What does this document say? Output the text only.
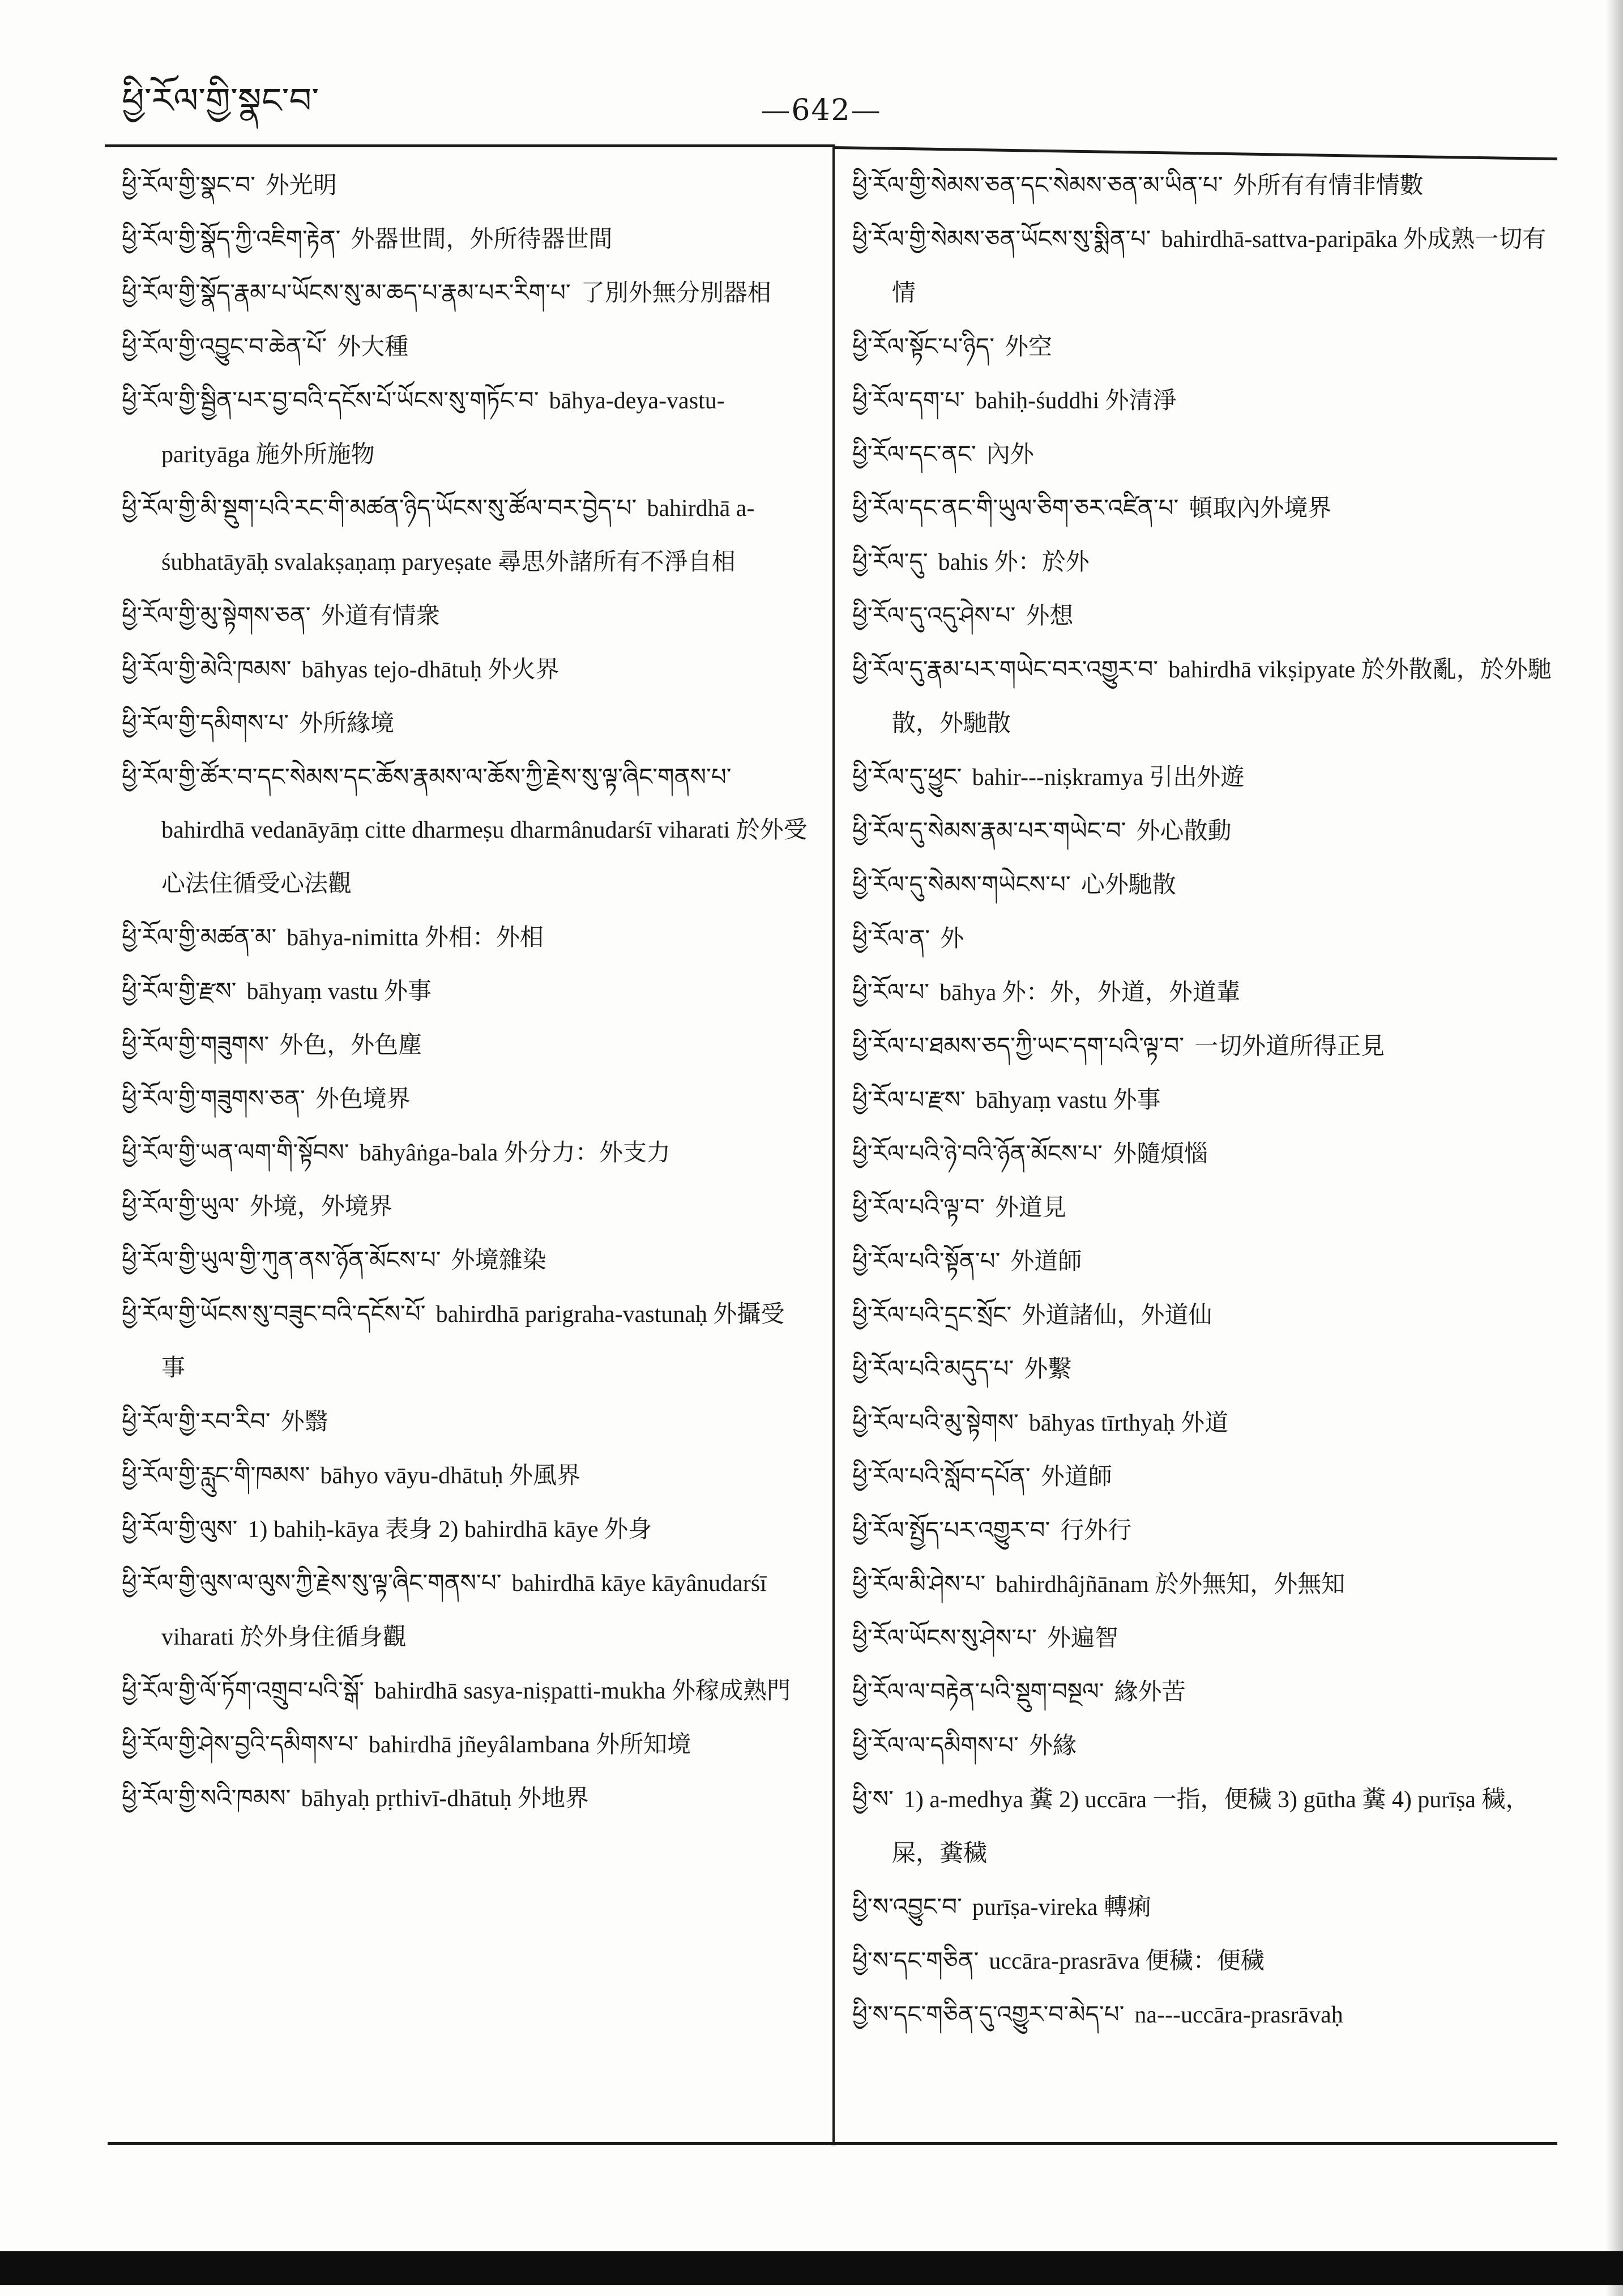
ཕྱི་རོལ་གྱི་སྣང་བ་	—642—

ཕྱི་རོལ་གྱི་སྣང་བ་ 外光明

ཕྱི་རོལ་གྱི་སྣོད་ཀྱི་འཇིག་རྟེན་ 外器世間，外所待器世間

ཕྱི་རོལ་གྱི་སྣོད་རྣམ་པ་ཡོངས་སུ་མ་ཆད་པ་རྣམ་པར་རིག་པ་ 了別外無分別器相

ཕྱི་རོལ་གྱི་འབྱུང་བ་ཆེན་པོ་ 外大種

ཕྱི་རོལ་གྱི་སྦྱིན་པར་བྱ་བའི་དངོས་པོ་ཡོངས་སུ་གཏོང་བ་ bāhya-deya-vastu-parityāga 施外所施物

ཕྱི་རོལ་གྱི་མི་སྡུག་པའི་རང་གི་མཚན་ཉིད་ཡོངས་སུ་ཚོལ་བར་བྱེད་པ་ bahirdhā a-śubhatāyāḥ svalakṣaṇaṃ paryeṣate 尋思外諸所有不淨自相

ཕྱི་རོལ་གྱི་མུ་སྟེགས་ཅན་ 外道有情衆

ཕྱི་རོལ་གྱི་མེའི་ཁམས་ bāhyas tejo-dhātuḥ 外火界

ཕྱི་རོལ་གྱི་དམིགས་པ་ 外所緣境

ཕྱི་རོལ་གྱི་ཚོར་བ་དང་སེམས་དང་ཆོས་རྣམས་ལ་ཆོས་ཀྱི་རྗེས་སུ་ལྟ་ཞིང་གནས་པ་bahirdhā vedanāyāṃ citte dharmeṣu dharmânudarśī viharati 於外受心法住循受心法觀

ཕྱི་རོལ་གྱི་མཚན་མ་ bāhya-nimitta 外相：外相

ཕྱི་རོལ་གྱི་རྫས་ bāhyaṃ vastu 外事

ཕྱི་རོལ་གྱི་གཟུགས་ 外色，外色塵

ཕྱི་རོལ་གྱི་གཟུགས་ཅན་ 外色境界

ཕྱི་རོལ་གྱི་ཡན་ལག་གི་སྟོབས་ bāhyâṅga-bala 外分力：外支力

ཕྱི་རོལ་གྱི་ཡུལ་ 外境，外境界

ཕྱི་རོལ་གྱི་ཡུལ་གྱི་ཀུན་ནས་ཉོན་མོངས་པ་ 外境雜染

ཕྱི་རོལ་གྱི་ཡོངས་སུ་བཟུང་བའི་དངོས་པོ་ bahirdhā parigraha-vastunaḥ 外攝受事

ཕྱི་རོལ་གྱི་རབ་རིབ་ 外翳

ཕྱི་རོལ་གྱི་རླུང་གི་ཁམས་ bāhyo vāyu-dhātuḥ 外風界

ཕྱི་རོལ་གྱི་ལུས་ 1) bahiḥ-kāya 表身 2) bahirdhā kāye 外身

ཕྱི་རོལ་གྱི་ལུས་ལ་ལུས་ཀྱི་རྗེས་སུ་ལྟ་ཞིང་གནས་པ་ bahirdhā kāye kāyânudarśī viharati 於外身住循身觀

ཕྱི་རོལ་གྱི་ལོ་ཏོག་འགྲུབ་པའི་སྒོ་ bahirdhā sasya-niṣpatti-mukha 外稼成熟門

ཕྱི་རོལ་གྱི་ཤེས་བྱའི་དམིགས་པ་ bahirdhā jñeyâlambana 外所知境

ཕྱི་རོལ་གྱི་སའི་ཁམས་ bāhyaḥ pṛthivī-dhātuḥ 外地界

ཕྱི་རོལ་གྱི་སེམས་ཅན་དང་སེམས་ཅན་མ་ཡིན་པ་ 外所有有情非情數

ཕྱི་རོལ་གྱི་སེམས་ཅན་ཡོངས་སུ་སྨིན་པ་ bahirdhā-sattva-paripāka 外成熟一切有情

ཕྱི་རོལ་སྟོང་པ་ཉིད་ 外空

ཕྱི་རོལ་དག་པ་ bahiḥ-śuddhi 外清淨

ཕྱི་རོལ་དང་ནང་ 內外

ཕྱི་རོལ་དང་ནང་གི་ཡུལ་ཅིག་ཅར་འཛིན་པ་ 頓取內外境界

ཕྱི་རོལ་དུ་ bahis 外：於外

ཕྱི་རོལ་དུ་འདུ་ཤེས་པ་ 外想

ཕྱི་རོལ་དུ་རྣམ་པར་གཡེང་བར་འགྱུར་བ་ bahirdhā vikṣipyate 於外散亂，於外馳散，外馳散

ཕྱི་རོལ་དུ་ཕྱུང་ bahir---niṣkramya 引出外遊

ཕྱི་རོལ་དུ་སེམས་རྣམ་པར་གཡེང་བ་ 外心散動

ཕྱི་རོལ་དུ་སེམས་གཡེངས་པ་ 心外馳散

ཕྱི་རོལ་ན་ 外

ཕྱི་རོལ་པ་ bāhya 外：外，外道，外道輩

ཕྱི་རོལ་པ་ཐམས་ཅད་ཀྱི་ཡང་དག་པའི་ལྟ་བ་ 一切外道所得正見

ཕྱི་རོལ་པ་རྫས་ bāhyaṃ vastu 外事

ཕྱི་རོལ་པའི་ཉེ་བའི་ཉོན་མོངས་པ་ 外隨煩惱

ཕྱི་རོལ་པའི་ལྟ་བ་ 外道見

ཕྱི་རོལ་པའི་སྟོན་པ་ 外道師

ཕྱི་རོལ་པའི་དྲང་སྲོང་ 外道諸仙，外道仙

ཕྱི་རོལ་པའི་མདུད་པ་ 外繫

ཕྱི་རོལ་པའི་མུ་སྟེགས་ bāhyas tīrthyaḥ 外道

ཕྱི་རོལ་པའི་སློབ་དཔོན་ 外道師

ཕྱི་རོལ་སྤྱོད་པར་འགྱུར་བ་ 行外行

ཕྱི་རོལ་མི་ཤེས་པ་ bahirdhâjñānam 於外無知，外無知

ཕྱི་རོལ་ཡོངས་སུ་ཤེས་པ་ 外遍智

ཕྱི་རོལ་ལ་བརྟེན་པའི་སྡུག་བསྔལ་ 緣外苦

ཕྱི་རོལ་ལ་དམིགས་པ་ 外緣

ཕྱི་ས་ 1) a-medhya 糞 2) uccāra 一指，便穢 3) gūtha 糞 4) purīṣa 穢，屎，糞穢

ཕྱི་ས་འབྱུང་བ་ purīṣa-vireka 轉痢

ཕྱི་ས་དང་གཅིན་ uccāra-prasrāva 便穢：便穢

ཕྱི་ས་དང་གཅིན་དུ་འགྱུར་བ་མེད་པ་ na---uccāra-prasrāvaḥ
